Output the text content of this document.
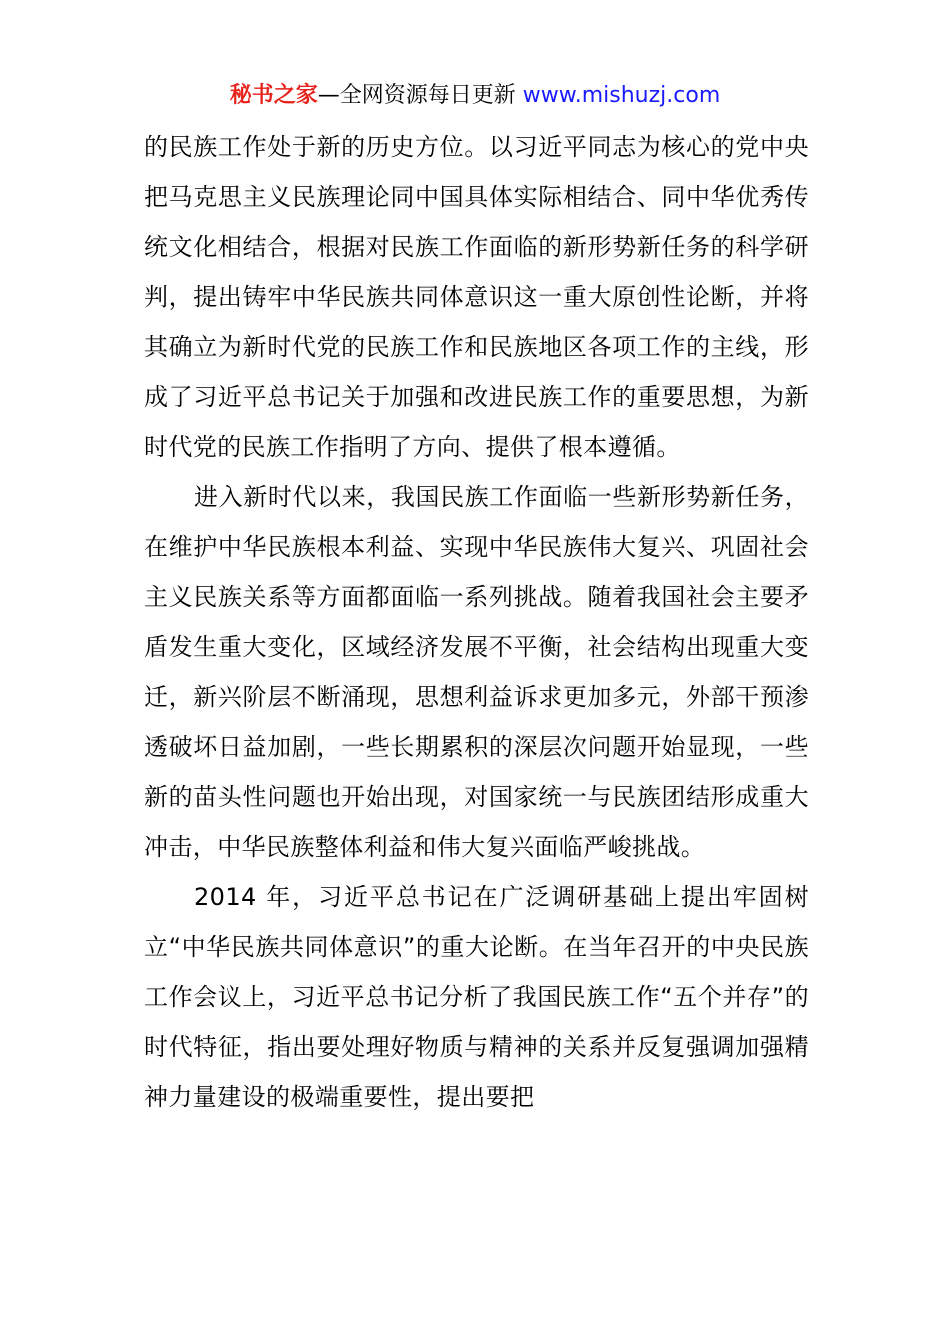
秘书之家—全网资源每日更新 www.mishuzj.com

的民族工作处于新的历史方位。以习近平同志为核心的党中央把马克思主义民族理论同中国具体实际相结合、同中华优秀传统文化相结合，根据对民族工作面临的新形势新任务的科学研判，提出铸牢中华民族共同体意识这一重大原创性论断，并将其确立为新时代党的民族工作和民族地区各项工作的主线，形成了习近平总书记关于加强和改进民族工作的重要思想，为新时代党的民族工作指明了方向、提供了根本遵循。

进入新时代以来，我国民族工作面临一些新形势新任务，在维护中华民族根本利益、实现中华民族伟大复兴、巩固社会主义民族关系等方面都面临一系列挑战。随着我国社会主要矛盾发生重大变化，区域经济发展不平衡，社会结构出现重大变迁，新兴阶层不断涌现，思想利益诉求更加多元，外部干预渗透破坏日益加剧，一些长期累积的深层次问题开始显现，一些新的苗头性问题也开始出现，对国家统一与民族团结形成重大冲击，中华民族整体利益和伟大复兴面临严峻挑战。

2014 年，习近平总书记在广泛调研基础上提出牢固树立“中华民族共同体意识”的重大论断。在当年召开的中央民族工作会议上，习近平总书记分析了我国民族工作“五个并存”的时代特征，指出要处理好物质与精神的关系并反复强调加强精神力量建设的极端重要性，提出要把
